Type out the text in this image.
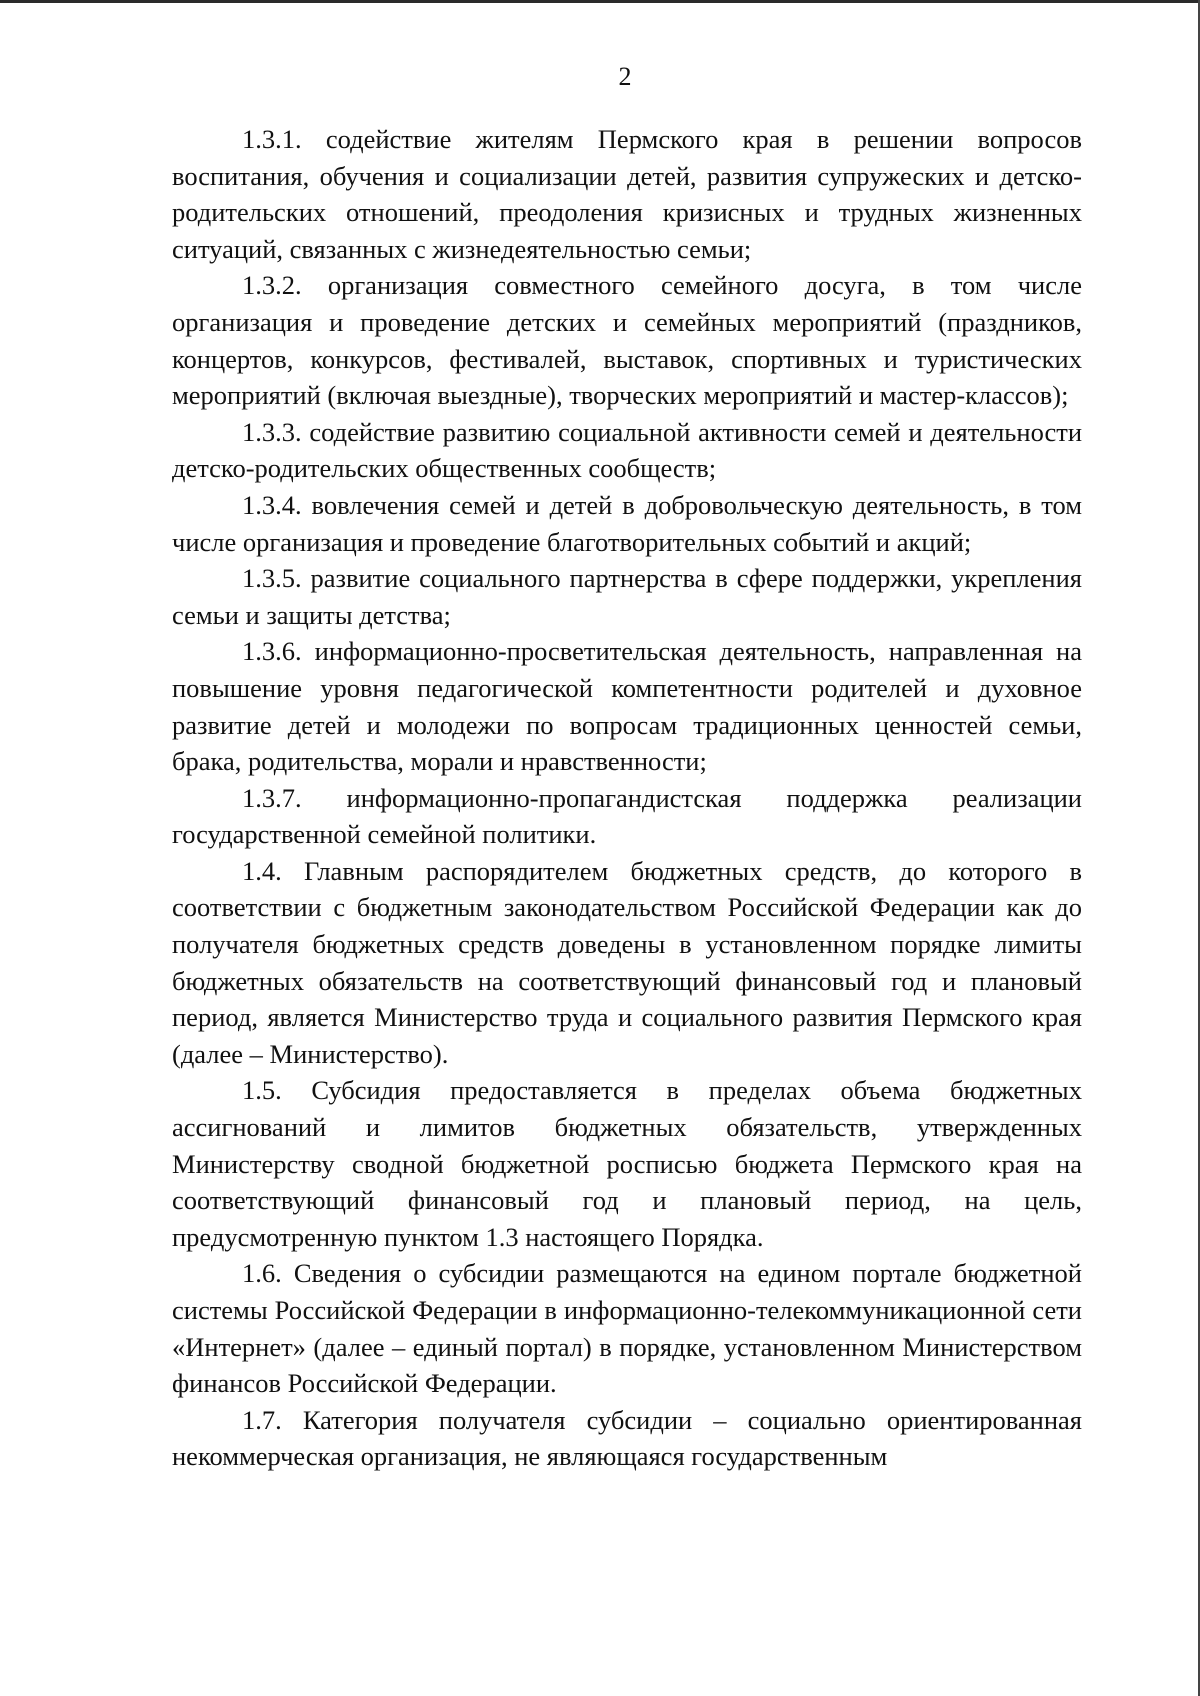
2

1.3.1. содействие жителям Пермского края в решении вопросов воспитания, обучения и социализации детей, развития супружеских и детско-родительских отношений, преодоления кризисных и трудных жизненных ситуаций, связанных с жизнедеятельностью семьи;

1.3.2. организация совместного семейного досуга, в том числе организация и проведение детских и семейных мероприятий (праздников, концертов, конкурсов, фестивалей, выставок, спортивных и туристических мероприятий (включая выездные), творческих мероприятий и мастер-классов);

1.3.3. содействие развитию социальной активности семей и деятельности детско-родительских общественных сообществ;

1.3.4. вовлечения семей и детей в добровольческую деятельность, в том числе организация и проведение благотворительных событий и акций;

1.3.5. развитие социального партнерства в сфере поддержки, укрепления семьи и защиты детства;

1.3.6. информационно-просветительская деятельность, направленная на повышение уровня педагогической компетентности родителей и духовное развитие детей и молодежи по вопросам традиционных ценностей семьи, брака, родительства, морали и нравственности;

1.3.7. информационно-пропагандистская поддержка реализации государственной семейной политики.

1.4. Главным распорядителем бюджетных средств, до которого в соответствии с бюджетным законодательством Российской Федерации как до получателя бюджетных средств доведены в установленном порядке лимиты бюджетных обязательств на соответствующий финансовый год и плановый период, является Министерство труда и социального развития Пермского края (далее – Министерство).

1.5. Субсидия предоставляется в пределах объема бюджетных ассигнований и лимитов бюджетных обязательств, утвержденных Министерству сводной бюджетной росписью бюджета Пермского края на соответствующий финансовый год и плановый период, на цель, предусмотренную пунктом 1.3 настоящего Порядка.

1.6. Сведения о субсидии размещаются на едином портале бюджетной системы Российской Федерации в информационно-телекоммуникационной сети «Интернет» (далее – единый портал) в порядке, установленном Министерством финансов Российской Федерации.

1.7. Категория получателя субсидии – социально ориентированная некоммерческая организация, не являющаяся государственным
